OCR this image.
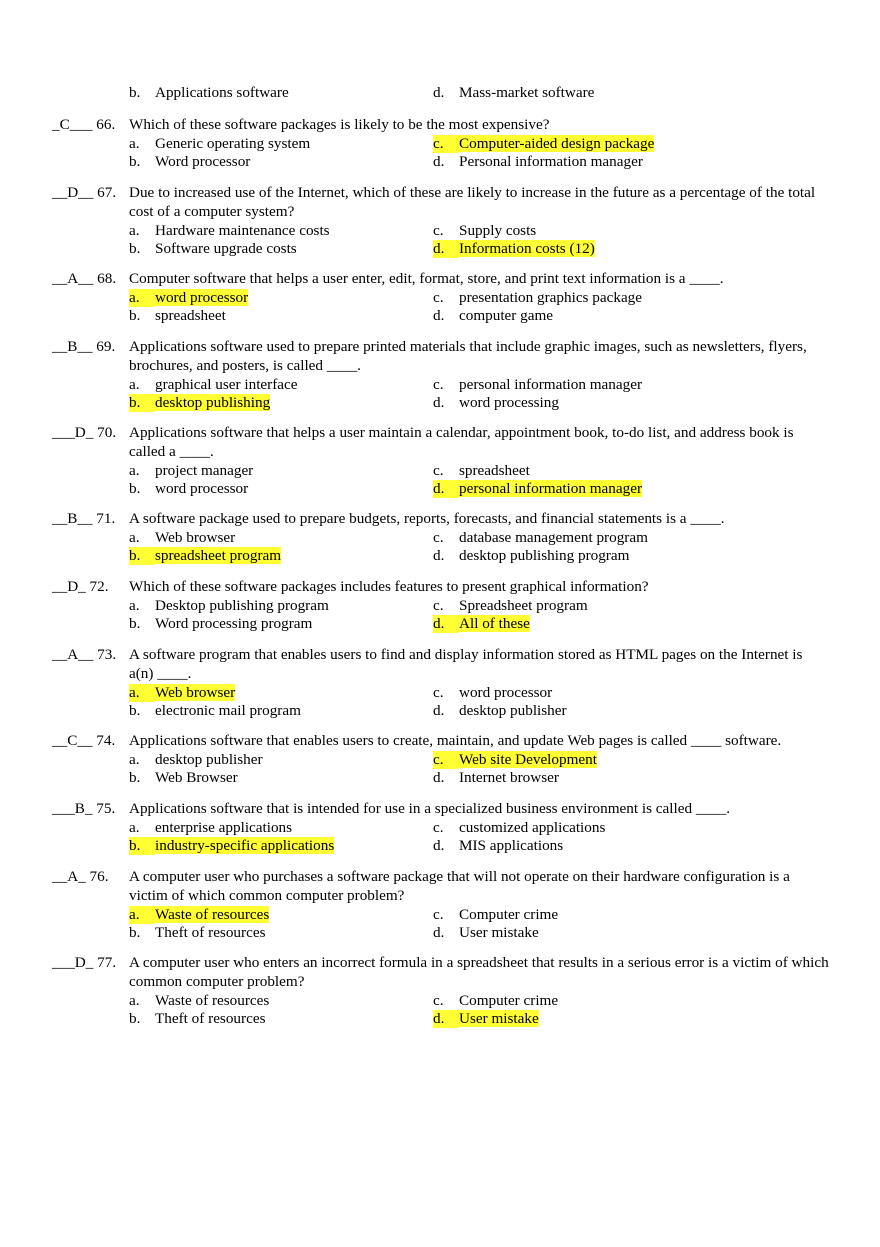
b. Applications software	d. Mass-market software
_C___ 66. Which of these software packages is likely to be the most expensive?
a. Generic operating system
b. Word processor
c. Computer-aided design package
d. Personal information manager
__D__ 67. Due to increased use of the Internet, which of these are likely to increase in the future as a percentage of the total cost of a computer system?
a. Hardware maintenance costs
b. Software upgrade costs
c. Supply costs
d. Information costs (12)
__A__ 68. Computer software that helps a user enter, edit, format, store, and print text information is a ____.
a. word processor
b. spreadsheet
c. presentation graphics package
d. computer game
__B__ 69. Applications software used to prepare printed materials that include graphic images, such as newsletters, flyers, brochures, and posters, is called ____.
a. graphical user interface
b. desktop publishing
c. personal information manager
d. word processing
___D_ 70. Applications software that helps a user maintain a calendar, appointment book, to-do list, and address book is called a ____.
a. project manager
b. word processor
c. spreadsheet
d. personal information manager
__B__ 71. A software package used to prepare budgets, reports, forecasts, and financial statements is a ____.
a. Web browser
b. spreadsheet program
c. database management program
d. desktop publishing program
__D_ 72. Which of these software packages includes features to present graphical information?
a. Desktop publishing program
b. Word processing program
c. Spreadsheet program
d. All of these
__A__ 73. A software program that enables users to find and display information stored as HTML pages on the Internet is a(n) ____.
a. Web browser
b. electronic mail program
c. word processor
d. desktop publisher
__C__ 74. Applications software that enables users to create, maintain, and update Web pages is called ____ software.
a. desktop publisher
b. Web Browser
c. Web site Development
d. Internet browser
___B_ 75. Applications software that is intended for use in a specialized business environment is called ____.
a. enterprise applications
b. industry-specific applications
c. customized applications
d. MIS applications
__A_ 76. A computer user who purchases a software package that will not operate on their hardware configuration is a victim of which common computer problem?
a. Waste of resources
b. Theft of resources
c. Computer crime
d. User mistake
___D_ 77. A computer user who enters an incorrect formula in a spreadsheet that results in a serious error is a victim of which common computer problem?
a. Waste of resources
b. Theft of resources
c. Computer crime
d. User mistake
